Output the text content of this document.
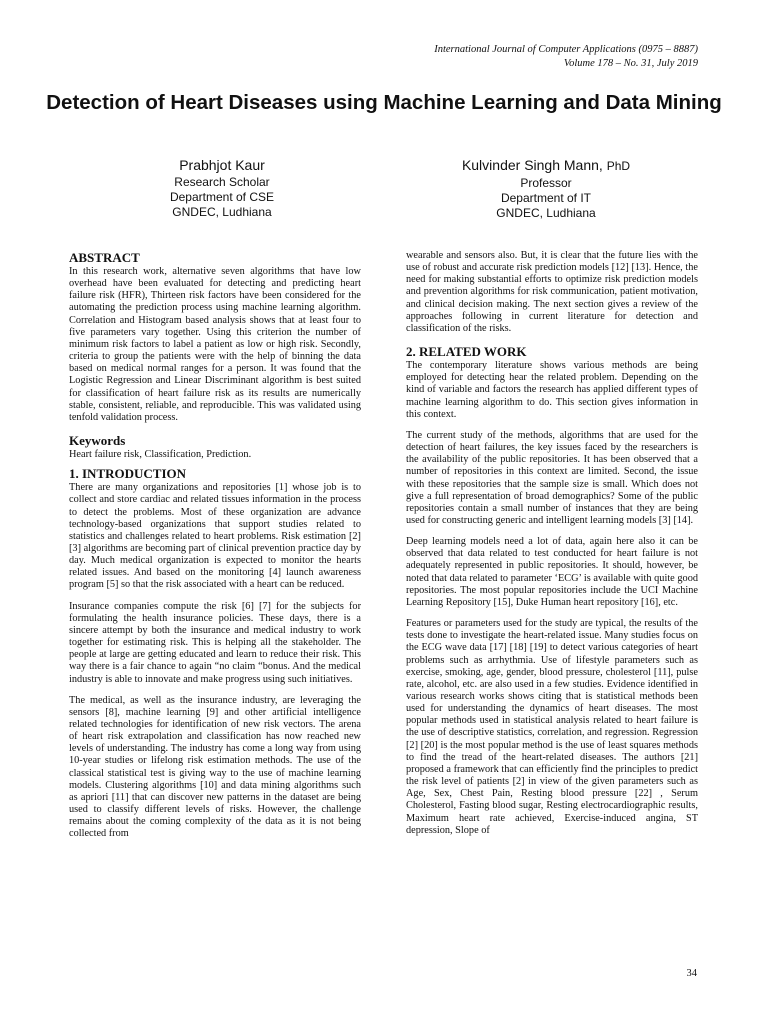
International Journal of Computer Applications (0975 – 8887)
Volume 178 – No. 31, July 2019
Detection of Heart Diseases using Machine Learning and Data Mining
Prabhjot Kaur
Research Scholar
Department of CSE
GNDEC, Ludhiana
Kulvinder Singh Mann, PhD
Professor
Department of IT
GNDEC, Ludhiana
ABSTRACT

In this research work, alternative seven algorithms that have low overhead have been evaluated for detecting and predicting heart failure risk (HFR), Thirteen risk factors have been considered for the automating the prediction process using machine learning algorithm. Correlation and Histogram based analysis shows that at least four to five parameters vary together. Using this criterion the number of minimum risk factors to label a patient as low or high risk. Secondly, criteria to group the patients were with the help of binning the data based on medical normal ranges for a person. It was found that the Logistic Regression and Linear Discriminant algorithm is best suited for classification of heart failure risk as its results are numerically stable, consistent, reliable, and reproducible. This was validated using tenfold validation process.

Keywords

Heart failure risk, Classification, Prediction.

1. INTRODUCTION

There are many organizations and repositories [1] whose job is to collect and store cardiac and related tissues information in the process to detect the problems. Most of these organization are advance technology-based organizations that support studies related to statistics and challenges related to heart problems. Risk estimation [2] [3] algorithms are becoming part of clinical prevention practice day by day. Much medical organization is expected to monitor the hearts related issues. And based on the monitoring [4] launch awareness program [5] so that the risk associated with a heart can be reduced.

Insurance companies compute the risk [6] [7] for the subjects for formulating the health insurance policies. These days, there is a sincere attempt by both the insurance and medical industry to work together for estimating risk. This is helping all the stakeholder. The people at large are getting educated and learn to reduce their risk. This way there is a fair chance to again “no claim “bonus. And the medical industry is able to innovate and make progress using such initiatives.

The medical, as well as the insurance industry, are leveraging the sensors [8], machine learning [9] and other artificial intelligence related technologies for identification of new risk vectors. The arena of heart risk extrapolation and classification has now reached new levels of understanding. The industry has come a long way from using 10-year studies or lifelong risk estimation methods. The use of the classical statistical test is giving way to the use of machine learning models. Clustering algorithms [10] and data mining algorithms such as apriori [11] that can discover new patterns in the dataset are being used to classify different levels of risks. However, the challenge remains about the coming complexity of the data as it is not being collected from

wearable and sensors also. But, it is clear that the future lies with the use of robust and accurate risk prediction models [12] [13]. Hence, the need for making substantial efforts to optimize risk prediction models and prevention algorithms for risk communication, patient motivation, and clinical decision making. The next section gives a review of the approaches following in current literature for detection and classification of the risks.

2. RELATED WORK

The contemporary literature shows various methods are being employed for detecting hear the related problem. Depending on the kind of variable and factors the research has applied different types of machine learning algorithm to do. This section gives information in this context.

The current study of the methods, algorithms that are used for the detection of heart failures, the key issues faced by the researchers is the availability of the public repositories. It has been observed that a number of repositories in this context are limited. Second, the issue with these repositories that the sample size is small. Which does not give a full representation of broad demographics? Some of the public repositories contain a small number of instances that they are being used for constructing generic and intelligent learning models [3] [14].

Deep learning models need a lot of data, again here also it can be observed that data related to test conducted for heart failure is not adequately represented in public repositories. It should, however, be noted that data related to parameter ‘ECG’ is available with quite good repositories. The most popular repositories include the UCI Machine Learning Repository [15], Duke Human heart repository [16], etc.

Features or parameters used for the study are typical, the results of the tests done to investigate the heart-related issue. Many studies focus on the ECG wave data [17] [18] [19] to detect various categories of heart problems such as arrhythmia. Use of lifestyle parameters such as exercise, smoking, age, gender, blood pressure, cholesterol [11], pulse rate, alcohol, etc. are also used in a few studies. Evidence identified in various research works shows citing that is statistical methods been used for understanding the dynamics of heart diseases. The most popular methods used in statistical analysis related to heart failure is the use of descriptive statistics, correlation, and regression. Regression [2] [20] is the most popular method is the use of least squares methods to find the tread of the heart-related diseases. The authors [21] proposed a framework that can efficiently find the principles to predict the risk level of patients [2] in view of the given parameters such as Age, Sex, Chest Pain, Resting blood pressure [22] , Serum Cholesterol, Fasting blood sugar, Resting electrocardiographic results, Maximum heart rate achieved, Exercise-induced angina, ST depression, Slope of

34
